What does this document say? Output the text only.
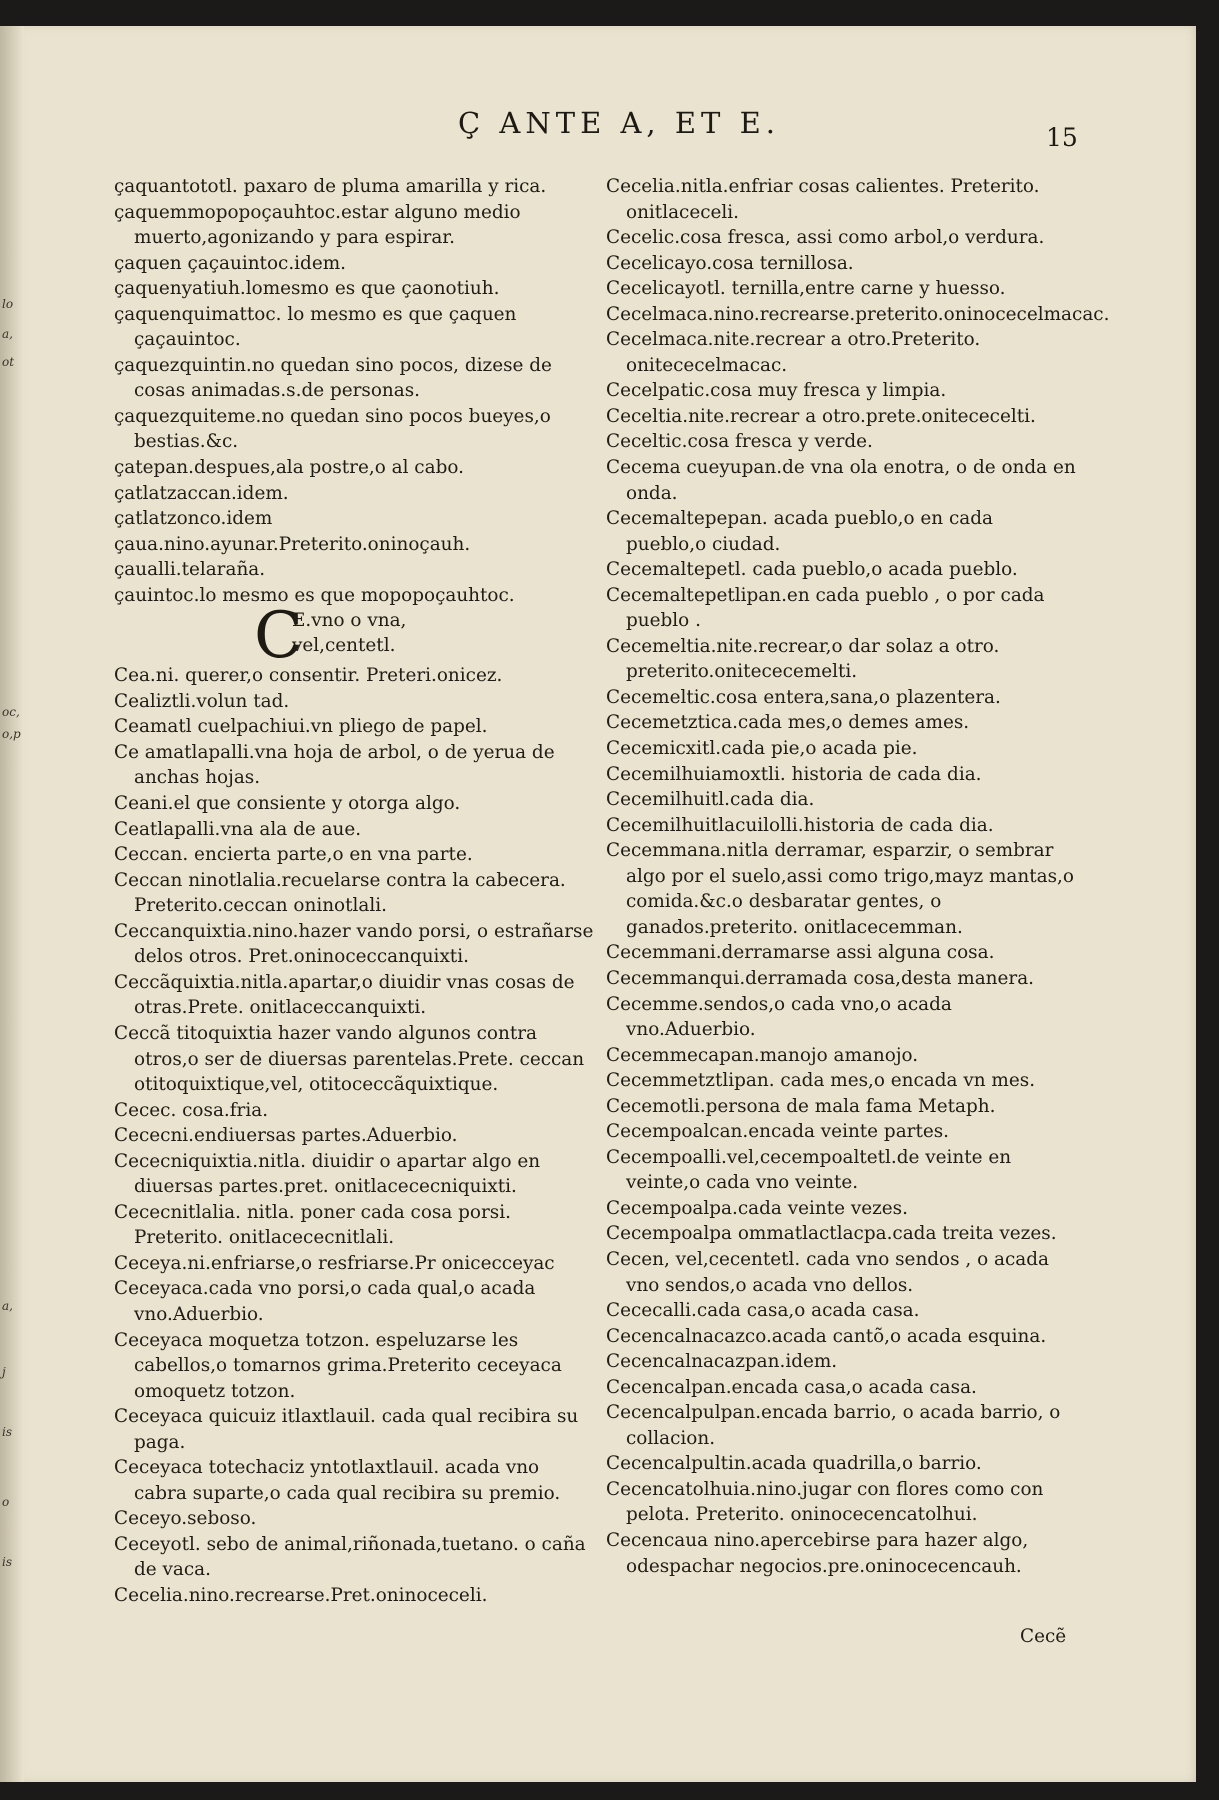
lo
a,
ot
oc,
o,p
a,
j
is
o
is
Ç ANTE A, ET E.	15
çaquantototl. paxaro de pluma amarilla y rica.
çaquemmopopoçauhtoc.estar alguno medio muerto,agonizando y para espirar.
çaquen çaçauintoc.idem.
çaquenyatiuh.lomesmo es que çaonotiuh.
çaquenquimattoc. lo mesmo es que çaquen çaçauintoc.
çaquezquintin.no quedan sino pocos, dizese de cosas animadas.s.de personas.
çaquezquiteme.no quedan sino pocos bueyes,o bestias.&c.
çatepan.despues,ala postre,o al cabo.
çatlatzaccan.idem.
çatlatzonco.idem
çaua.nino.ayunar.Preterito.oninoçauh.
çaualli.telaraña.
çauintoc.lo mesmo es que mopopoçauhtoc.
C
E.vno o vna,
vel,centetl.
Cea.ni. querer,o consentir. Preteri.onicez.
Cealiztli.volun tad.
Ceamatl cuelpachiui.vn pliego de papel.
Ce amatlapalli.vna hoja de arbol, o de yerua de anchas hojas.
Ceani.el que consiente y otorga algo.
Ceatlapalli.vna ala de aue.
Ceccan. encierta parte,o en vna parte.
Ceccan ninotlalia.recuelarse contra la cabecera. Preterito.ceccan oninotlali.
Ceccanquixtia.nino.hazer vando porsi, o estrañarse delos otros. Pret.oninoceccanquixti.
Ceccãquixtia.nitla.apartar,o diuidir vnas cosas de otras.Prete. onitlaceccanquixti.
Ceccã titoquixtia hazer vando algunos contra otros,o ser de diuersas parentelas.Prete. ceccan otitoquixtique,vel, otitoceccãquixtique.
Cecec. cosa.fria.
Cececni.endiuersas partes.Aduerbio.
Cececniquixtia.nitla. diuidir o apartar algo en diuersas partes.pret. onitlacececniquixti.
Cececnitlalia. nitla. poner cada cosa porsi. Preterito. onitlacececnitlali.
Ceceya.ni.enfriarse,o resfriarse.Pr onicecceyac
Ceceyaca.cada vno porsi,o cada qual,o acada vno.Aduerbio.
Ceceyaca moquetza totzon. espeluzarse les cabellos,o tomarnos grima.Preterito ceceyaca omoquetz totzon.
Ceceyaca quicuiz itlaxtlauil. cada qual recibira su paga.
Ceceyaca totechaciz yntotlaxtlauil. acada vno cabra suparte,o cada qual recibira su premio.
Ceceyo.seboso.
Ceceyotl. sebo de animal,riñonada,tuetano. o caña de vaca.
Cecelia.nino.recrearse.Pret.oninoceceli.
Cecelia.nitla.enfriar cosas calientes. Preterito. onitlaceceli.
Cecelic.cosa fresca, assi como arbol,o verdura.
Cecelicayo.cosa ternillosa.
Cecelicayotl. ternilla,entre carne y huesso.
Cecelmaca.nino.recrearse.preterito.oninocecelmacac.
Cecelmaca.nite.recrear a otro.Preterito. onitececelmacac.
Cecelpatic.cosa muy fresca y limpia.
Ceceltia.nite.recrear a otro.prete.onitececelti.
Ceceltic.cosa fresca y verde.
Cecema cueyupan.de vna ola enotra, o de onda en onda.
Cecemaltepepan. acada pueblo,o en cada pueblo,o ciudad.
Cecemaltepetl. cada pueblo,o acada pueblo.
Cecemaltepetlipan.en cada pueblo , o por cada pueblo .
Cecemeltia.nite.recrear,o dar solaz a otro. preterito.onitececemelti.
Cecemeltic.cosa entera,sana,o plazentera.
Cecemetztica.cada mes,o demes ames.
Cecemicxitl.cada pie,o acada pie.
Cecemilhuiamoxtli. historia de cada dia.
Cecemilhuitl.cada dia.
Cecemilhuitlacuilolli.historia de cada dia.
Cecemmana.nitla derramar, esparzir, o sembrar algo por el suelo,assi como trigo,mayz mantas,o comida.&c.o desbaratar gentes, o ganados.preterito. onitlacecemman.
Cecemmani.derramarse assi alguna cosa.
Cecemmanqui.derramada cosa,desta manera.
Cecemme.sendos,o cada vno,o acada vno.Aduerbio.
Cecemmecapan.manojo amanojo.
Cecemmetztlipan. cada mes,o encada vn mes.
Cecemotli.persona de mala fama Metaph.
Cecempoalcan.encada veinte partes.
Cecempoalli.vel,cecempoaltetl.de veinte en veinte,o cada vno veinte.
Cecempoalpa.cada veinte vezes.
Cecempoalpa ommatlactlacpa.cada treita vezes.
Cecen, vel,cecentetl. cada vno sendos , o acada vno sendos,o acada vno dellos.
Cececalli.cada casa,o acada casa.
Cecencalnacazco.acada cantõ,o acada esquina.
Cecencalnacazpan.idem.
Cecencalpan.encada casa,o acada casa.
Cecencalpulpan.encada barrio, o acada barrio, o collacion.
Cecencalpultin.acada quadrilla,o barrio.
Cecencatolhuia.nino.jugar con flores como con pelota. Preterito. oninocecencatolhui.
Cecencaua nino.apercebirse para hazer algo, odespachar negocios.pre.oninocecencauh.
Cecẽ
